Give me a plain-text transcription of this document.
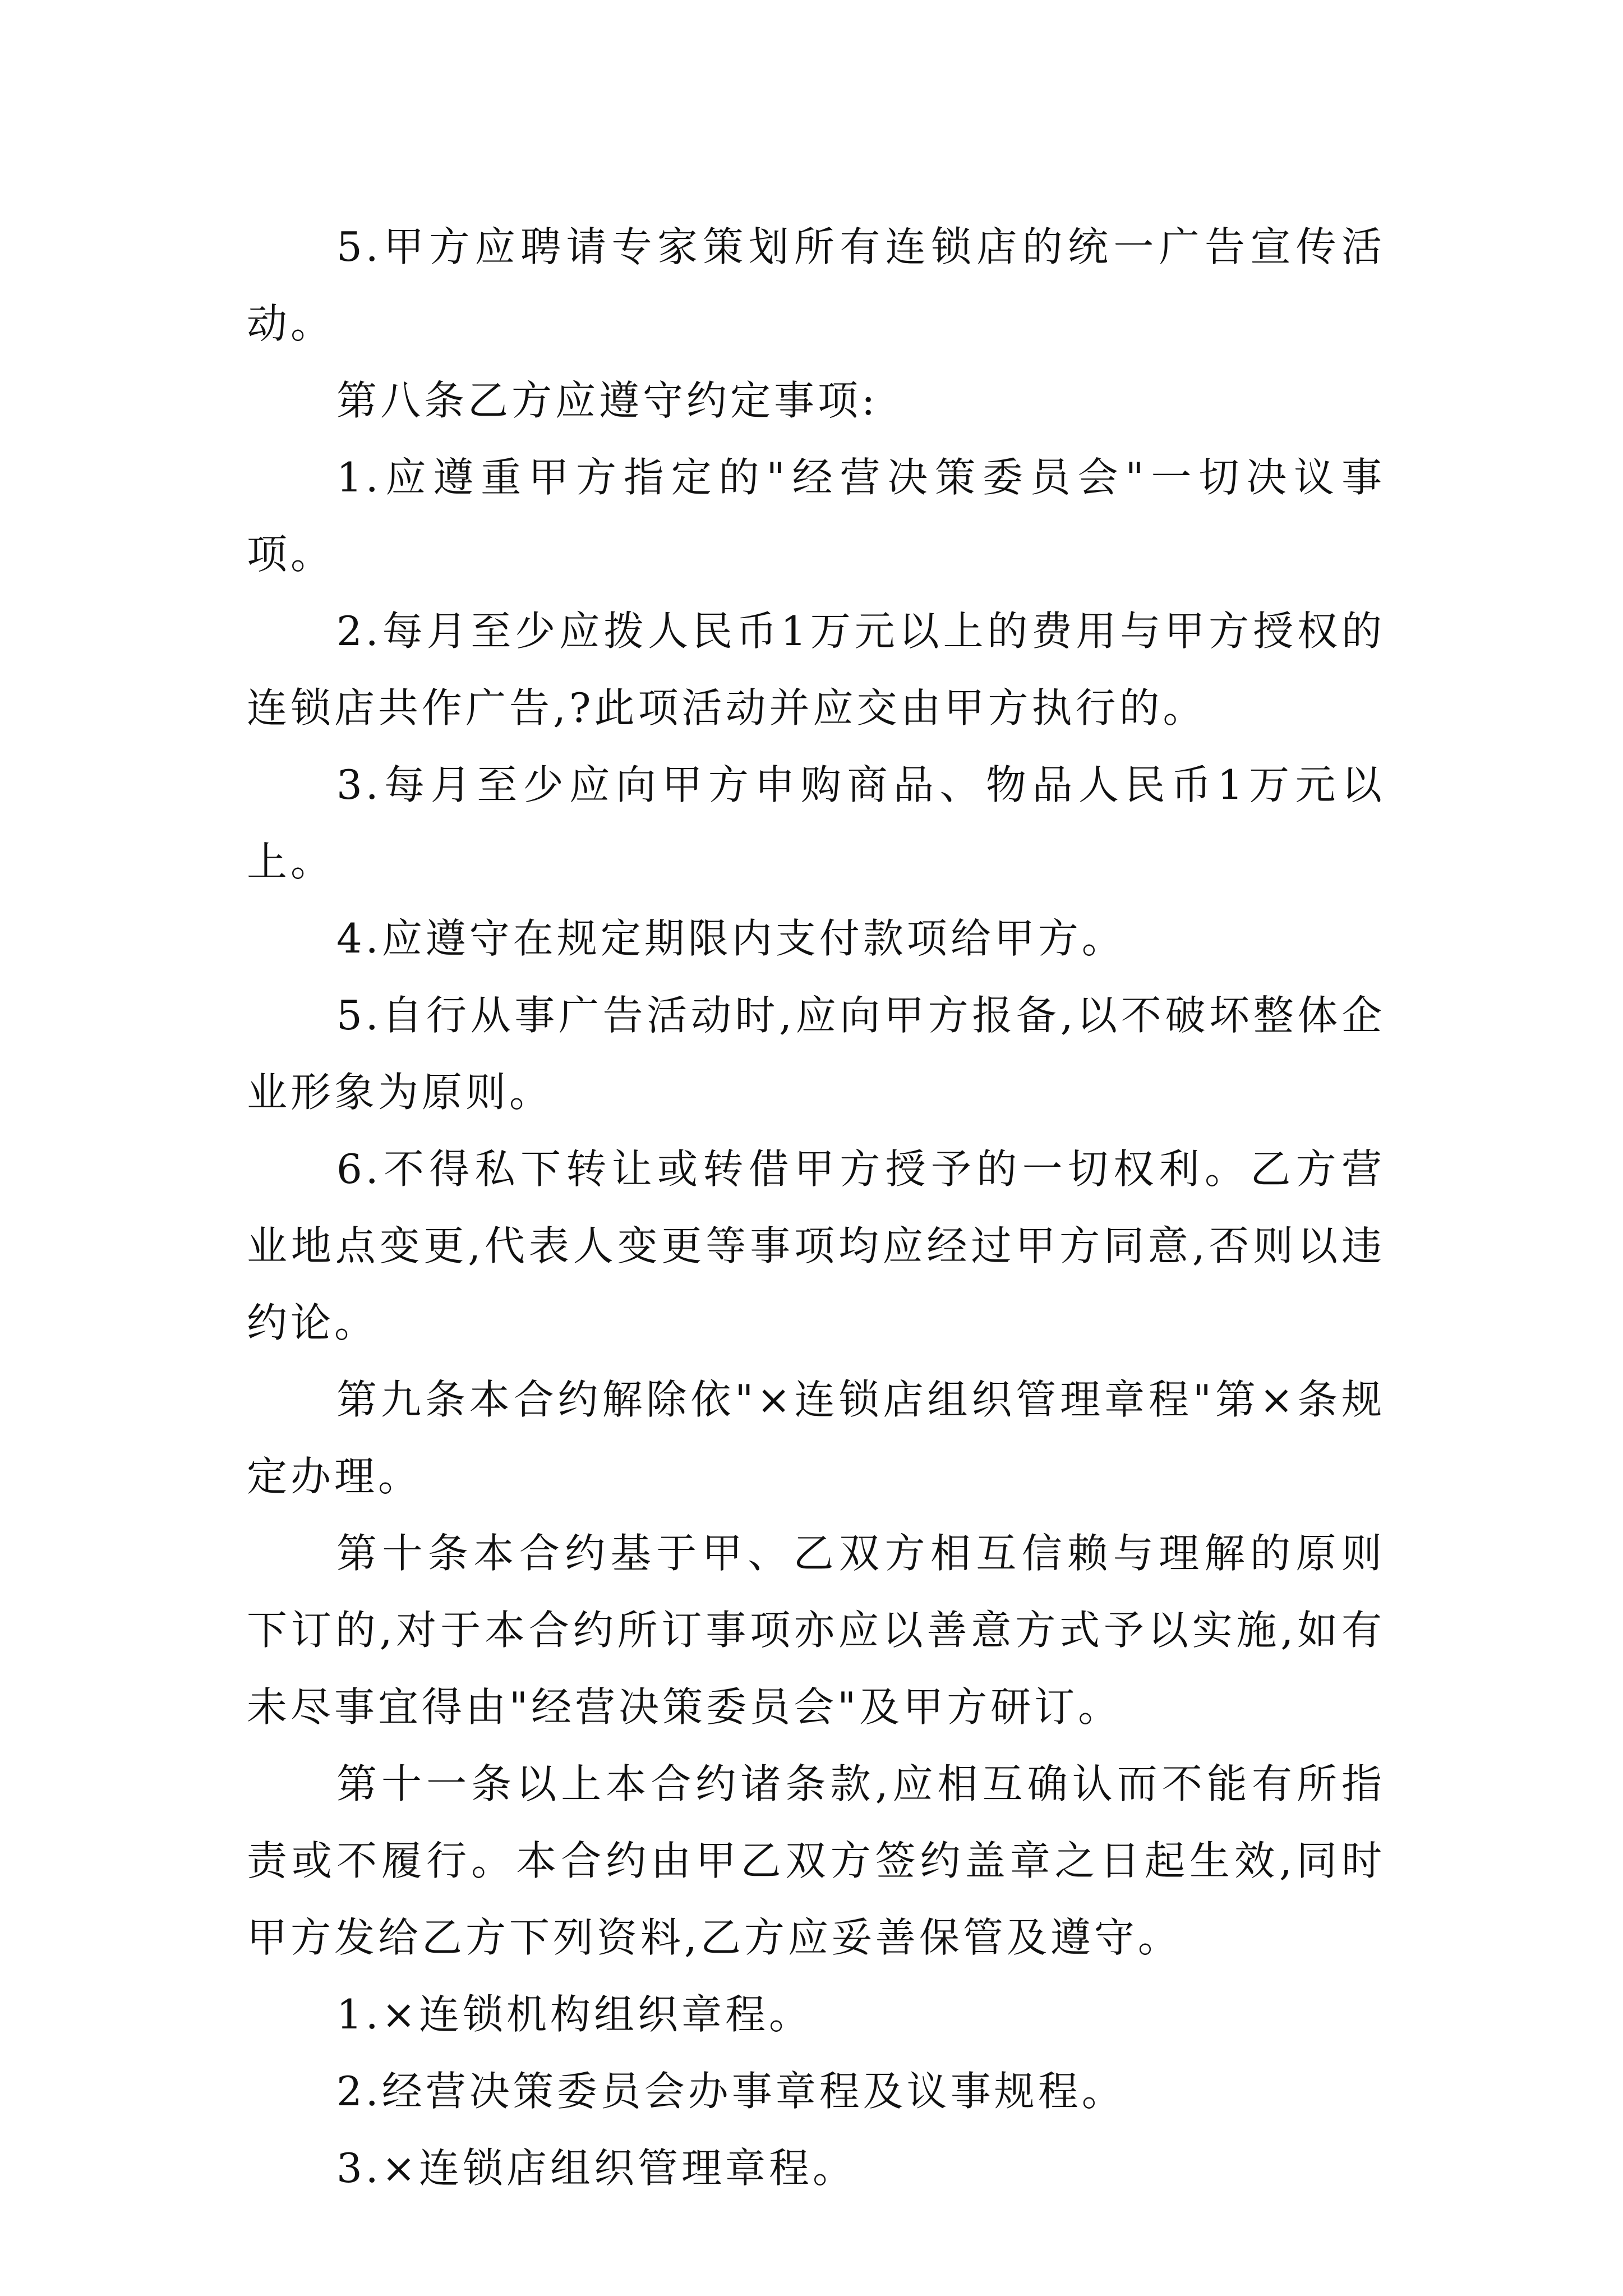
5.甲方应聘请专家策划所有连锁店的统一广告宣传活动。

第八条乙方应遵守约定事项:

1.应遵重甲方指定的"经营决策委员会"一切决议事项。

2.每月至少应拨人民币1万元以上的费用与甲方授权的连锁店共作广告,?此项活动并应交由甲方执行的。

3.每月至少应向甲方申购商品、物品人民币1万元以上。

4.应遵守在规定期限内支付款项给甲方。

5.自行从事广告活动时,应向甲方报备,以不破坏整体企业形象为原则。

6.不得私下转让或转借甲方授予的一切权利。乙方营业地点变更,代表人变更等事项均应经过甲方同意,否则以违约论。

第九条本合约解除依"×连锁店组织管理章程"第×条规定办理。

第十条本合约基于甲、乙双方相互信赖与理解的原则下订的,对于本合约所订事项亦应以善意方式予以实施,如有未尽事宜得由"经营决策委员会"及甲方研订。

第十一条以上本合约诸条款,应相互确认而不能有所指责或不履行。本合约由甲乙双方签约盖章之日起生效,同时甲方发给乙方下列资料,乙方应妥善保管及遵守。

1.×连锁机构组织章程。

2.经营决策委员会办事章程及议事规程。

3.×连锁店组织管理章程。
